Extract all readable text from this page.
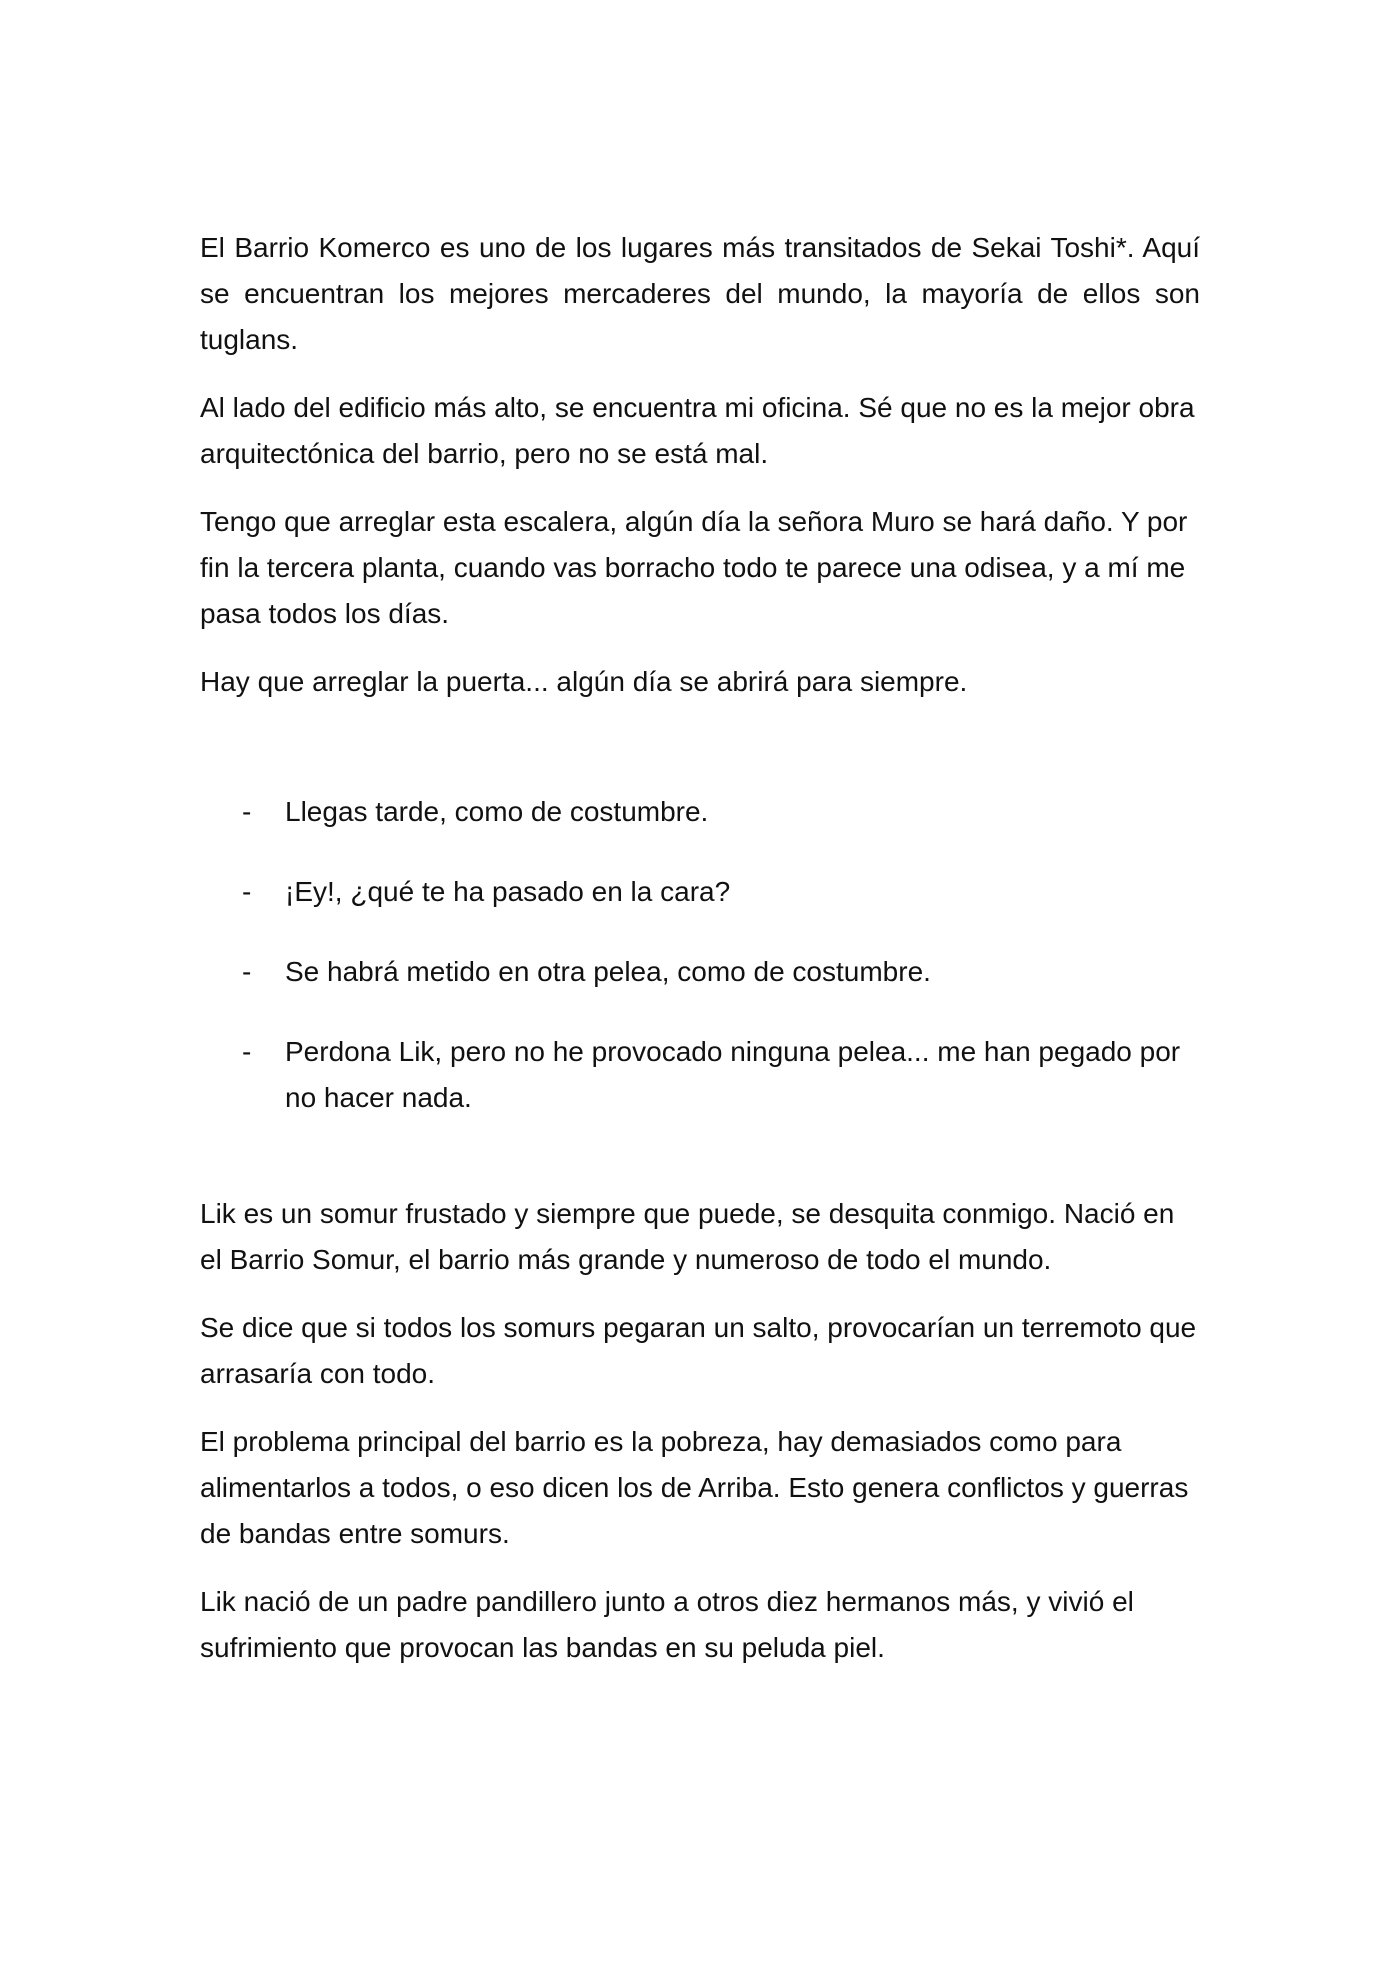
El Barrio Komerco es uno de los lugares más transitados de Sekai Toshi*. Aquí se encuentran los mejores mercaderes del mundo, la mayoría de ellos son tuglans.

Al lado del edificio más alto, se encuentra mi oficina. Sé que no es la mejor obra arquitectónica del barrio, pero no se está mal.

Tengo que arreglar esta escalera, algún día la señora Muro se hará daño. Y por fin la tercera planta, cuando vas borracho todo te parece una odisea, y a mí me pasa todos los días.

Hay que arreglar la puerta... algún día se abrirá para siempre.

- Llegas tarde, como de costumbre.
- ¡Ey!, ¿qué te ha pasado en la cara?
- Se habrá metido en otra pelea, como de costumbre.
- Perdona Lik, pero no he provocado ninguna pelea... me han pegado por no hacer nada.

Lik es un somur frustado y siempre que puede, se desquita conmigo. Nació en el Barrio Somur, el barrio más grande y numeroso de todo el mundo.

Se dice que si todos los somurs pegaran un salto, provocarían un terremoto que arrasaría con todo.

El problema principal del barrio es la pobreza, hay demasiados como para alimentarlos a todos, o eso dicen los de Arriba. Esto genera conflictos y guerras de bandas entre somurs.

Lik nació de un padre pandillero junto a otros diez hermanos más, y vivió el sufrimiento que provocan las bandas en su peluda piel.
